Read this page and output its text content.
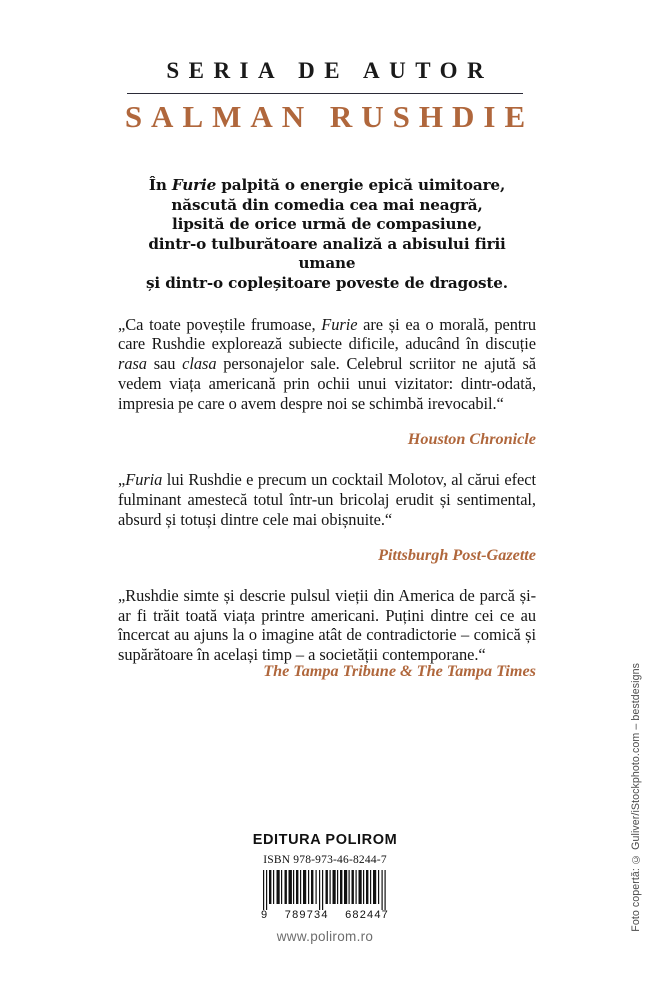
SERIA DE AUTOR
SALMAN RUSHDIE
În Furie palpită o energie epică uimitoare,
născută din comedia cea mai neagră,
lipsită de orice urmă de compasiune,
dintr-o tulburătoare analiză a abisului firii umane
și dintr-o copleșitoare poveste de dragoste.

„Ca toate poveștile frumoase, Furie are și ea o morală, pentru care Rushdie explorează subiecte dificile, aducând în discuție rasa sau clasa personajelor sale. Celebrul scriitor ne ajută să vedem viața americană prin ochii unui vizitator: dintr-odată, impresia pe care o avem despre noi se schimbă irevocabil.“

Houston Chronicle

„Furia lui Rushdie e precum un cocktail Molotov, al cărui efect fulminant amestecă totul într-un bricolaj erudit și sentimental, absurd și totuși dintre cele mai obișnuite.“

Pittsburgh Post-Gazette

„Rushdie simte și descrie pulsul vieții din America de parcă și-ar fi trăit toată viața printre americani. Puțini dintre cei ce au încercat au ajuns la o imagine atât de contradictorie – comică și supărătoare în același timp – a societății contemporane.“

The Tampa Tribune & The Tampa Times
EDITURA POLIROM
ISBN 978-973-46-8244-7
9 789734 682447
www.polirom.ro
Foto copertă: © Guliver/iStockphoto.com – bestdesigns
